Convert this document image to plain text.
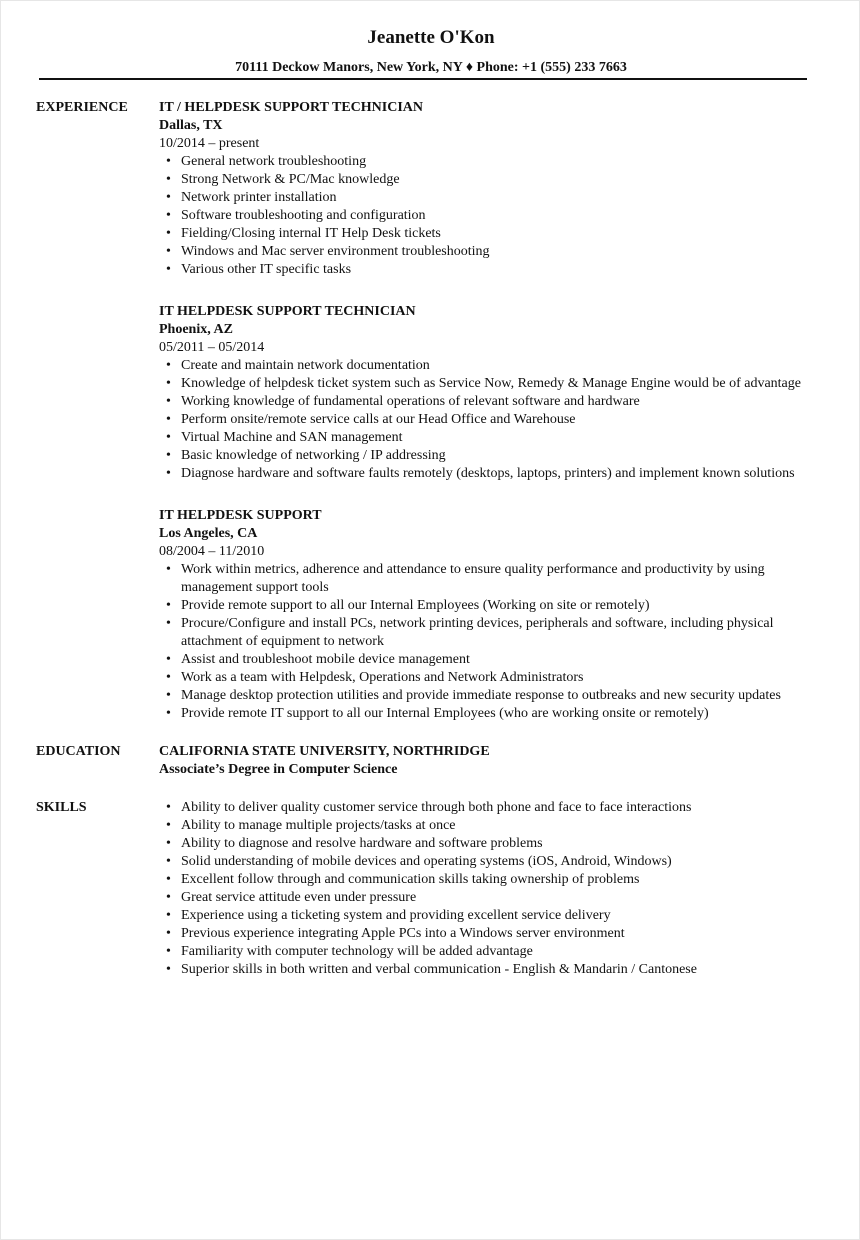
Jeanette O'Kon
70111 Deckow Manors, New York, NY ♦ Phone: +1 (555) 233 7663
EXPERIENCE	IT / HELPDESK SUPPORT TECHNICIAN
Dallas, TX
10/2014 – present
• General network troubleshooting
• Strong Network & PC/Mac knowledge
• Network printer installation
• Software troubleshooting and configuration
• Fielding/Closing internal IT Help Desk tickets
• Windows and Mac server environment troubleshooting
• Various other IT specific tasks
IT HELPDESK SUPPORT TECHNICIAN
Phoenix, AZ
05/2011 – 05/2014
• Create and maintain network documentation
• Knowledge of helpdesk ticket system such as Service Now, Remedy & Manage Engine would be of advantage
• Working knowledge of fundamental operations of relevant software and hardware
• Perform onsite/remote service calls at our Head Office and Warehouse
• Virtual Machine and SAN management
• Basic knowledge of networking / IP addressing
• Diagnose hardware and software faults remotely (desktops, laptops, printers) and implement known solutions
IT HELPDESK SUPPORT
Los Angeles, CA
08/2004 – 11/2010
• Work within metrics, adherence and attendance to ensure quality performance and productivity by using management support tools
• Provide remote support to all our Internal Employees (Working on site or remotely)
• Procure/Configure and install PCs, network printing devices, peripherals and software, including physical attachment of equipment to network
• Assist and troubleshoot mobile device management
• Work as a team with Helpdesk, Operations and Network Administrators
• Manage desktop protection utilities and provide immediate response to outbreaks and new security updates
• Provide remote IT support to all our Internal Employees (who are working onsite or remotely)
EDUCATION	CALIFORNIA STATE UNIVERSITY, NORTHRIDGE
Associate’s Degree in Computer Science
SKILLS	• Ability to deliver quality customer service through both phone and face to face interactions
• Ability to manage multiple projects/tasks at once
• Ability to diagnose and resolve hardware and software problems
• Solid understanding of mobile devices and operating systems (iOS, Android, Windows)
• Excellent follow through and communication skills taking ownership of problems
• Great service attitude even under pressure
• Experience using a ticketing system and providing excellent service delivery
• Previous experience integrating Apple PCs into a Windows server environment
• Familiarity with computer technology will be added advantage
• Superior skills in both written and verbal communication - English & Mandarin / Cantonese
